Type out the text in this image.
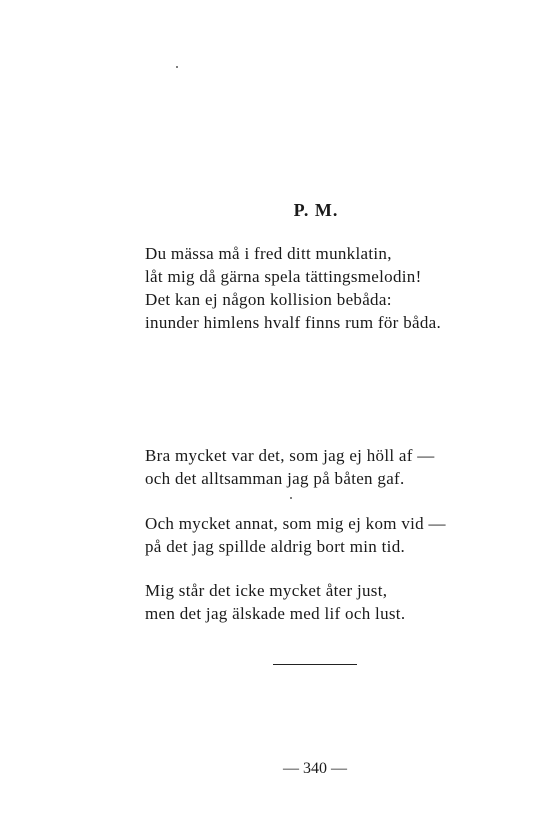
P. M.
Du mässa må i fred ditt munklatin,
låt mig då gärna spela tättingsmelodin!
Det kan ej någon kollision bebåda:
inunder himlens hvalf finns rum för båda.
Bra mycket var det, som jag ej höll af —
och det alltsamman jag på båten gaf.
Och mycket annat, som mig ej kom vid —
på det jag spillde aldrig bort min tid.
Mig står det icke mycket åter just,
men det jag älskade med lif och lust.
— 340 —
